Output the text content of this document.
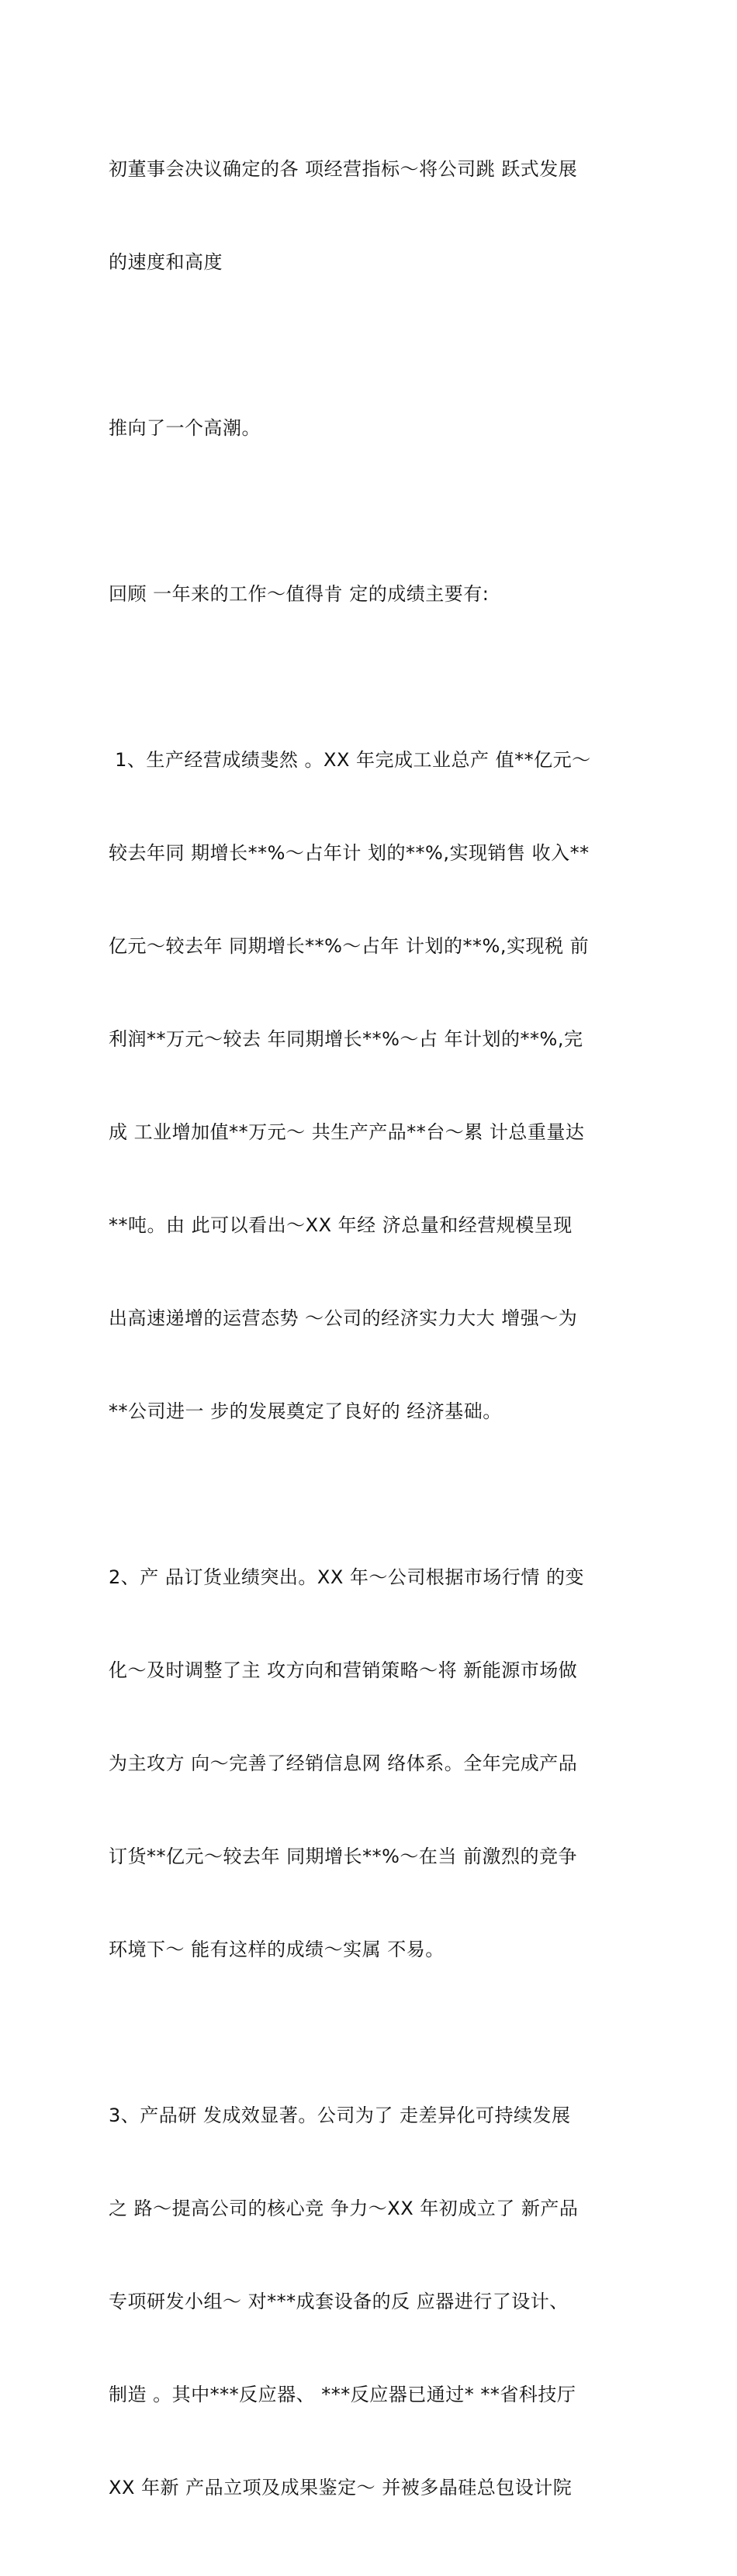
初董事会决议确定的各 项经营指标～将公司跳 跃式发展

的速度和高度

推向了一个高潮。

回顾 一年来的工作～值得肯 定的成绩主要有:

1、生产经营成绩斐然 。XX 年完成工业总产 值**亿元～

较去年同 期增长**%～占年计 划的**%,实现销售 收入**

亿元～较去年 同期增长**%～占年 计划的**%,实现税 前

利润**万元～较去 年同期增长**%～占 年计划的**%,完

成 工业增加值**万元～ 共生产产品**台～累 计总重量达

**吨。由 此可以看出～XX 年经 济总量和经营规模呈现

出高速递增的运营态势 ～公司的经济实力大大 增强～为

**公司进一 步的发展奠定了良好的 经济基础。

2、产 品订货业绩突出。XX 年～公司根据市场行情 的变

化～及时调整了主 攻方向和营销策略～将 新能源市场做

为主攻方 向～完善了经销信息网 络体系。全年完成产品

订货**亿元～较去年 同期增长**%～在当 前激烈的竞争

环境下～ 能有这样的成绩～实属 不易。

3、产品研 发成效显著。公司为了 走差异化可持续发展

之 路～提高公司的核心竞 争力～XX 年初成立了 新产品

专项研发小组～ 对***成套设备的反 应器进行了设计、

制造 。其中***反应器、 ***反应器已通过* **省科技厅

XX 年新 产品立项及成果鉴定～ 并被多晶硅总包设计院
